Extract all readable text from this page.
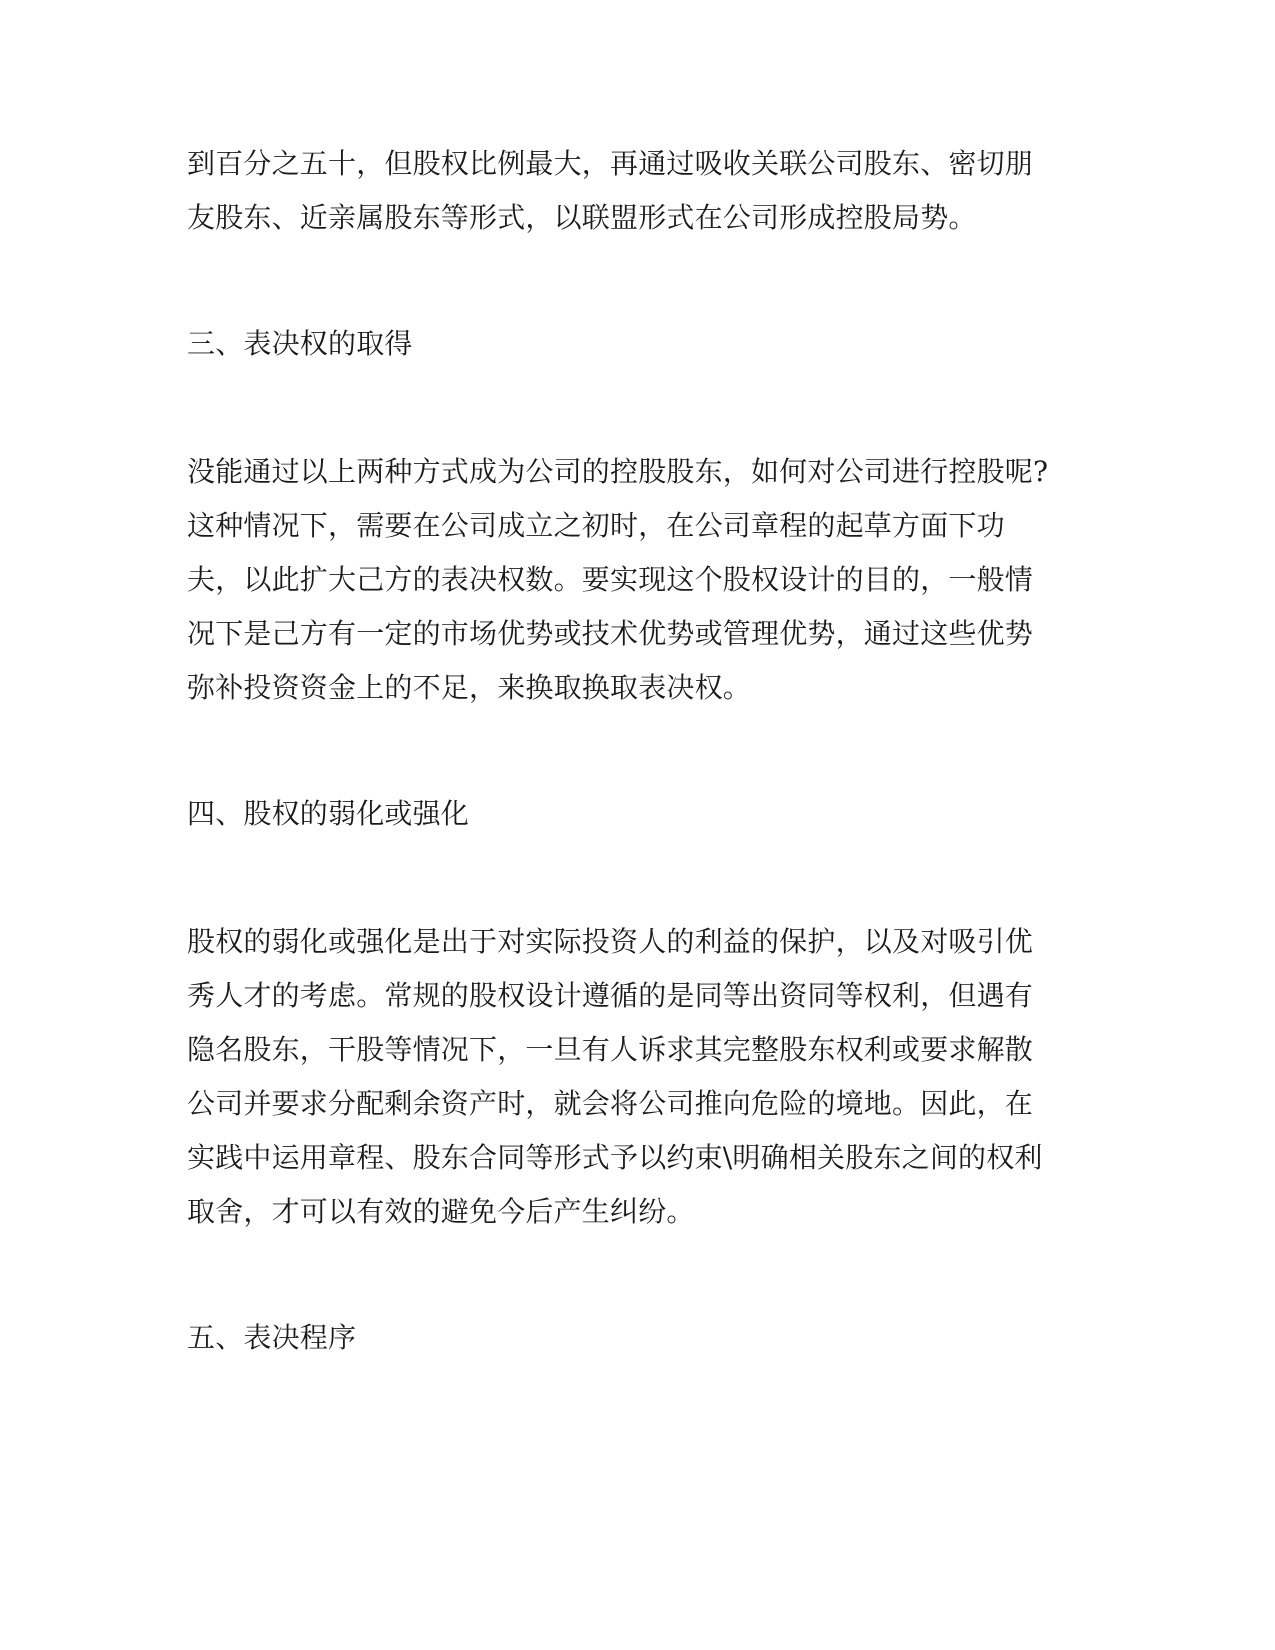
到百分之五十，但股权比例最大，再通过吸收关联公司股东、密切朋
友股东、近亲属股东等形式，以联盟形式在公司形成控股局势。
三、表决权的取得
没能通过以上两种方式成为公司的控股股东，如何对公司进行控股呢?
这种情况下，需要在公司成立之初时，在公司章程的起草方面下功
夫，以此扩大己方的表决权数。要实现这个股权设计的目的，一般情
况下是己方有一定的市场优势或技术优势或管理优势，通过这些优势
弥补投资资金上的不足，来换取换取表决权。
四、股权的弱化或强化
股权的弱化或强化是出于对实际投资人的利益的保护，以及对吸引优
秀人才的考虑。常规的股权设计遵循的是同等出资同等权利，但遇有
隐名股东，干股等情况下，一旦有人诉求其完整股东权利或要求解散
公司并要求分配剩余资产时，就会将公司推向危险的境地。因此，在
实践中运用章程、股东合同等形式予以约束\明确相关股东之间的权利
取舍，才可以有效的避免今后产生纠纷。
五、表决程序
